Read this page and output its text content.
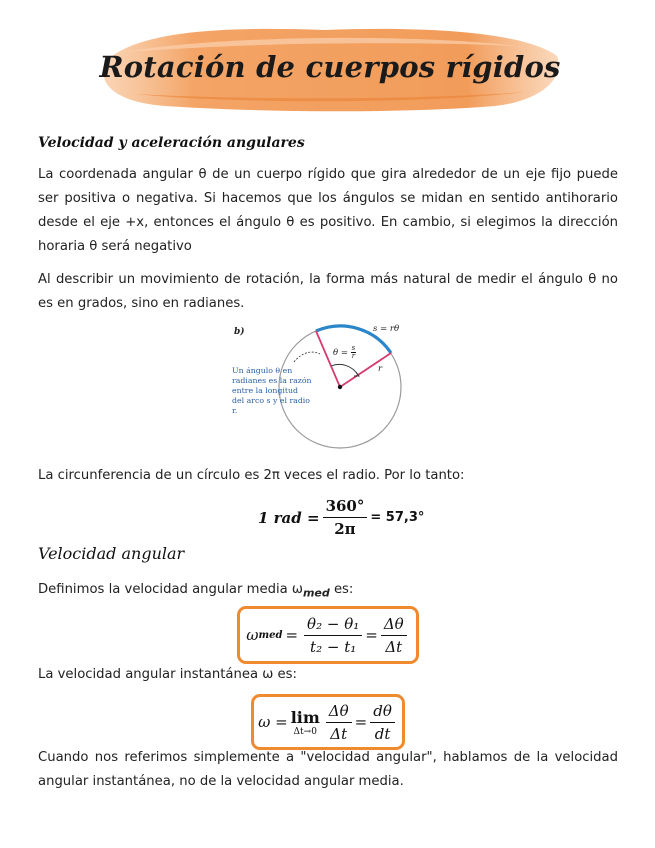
Rotación de cuerpos rígidos
Velocidad y aceleración angulares
La coordenada angular θ de un cuerpo rígido que gira alrededor de un eje fijo puede ser positiva o negativa. Si hacemos que los ángulos se midan en sentido antihorario desde el eje +x, entonces el ángulo θ es positivo. En cambio, si elegimos la dirección horaria θ será negativo
Al describir un movimiento de rotación, la forma más natural de medir el ángulo θ no es en grados, sino en radianes.
b)	s = rθ
r
$\theta = \frac{s}{r}$
Un ángulo θ en radianes es la razón entre la longitud del arco s y el radio r.
La circunferencia de un círculo es 2π veces el radio. Por lo tanto:
1 rad = $\frac{360^\circ}{2\pi} = 57,3^\circ$
Velocidad angular
Definimos la velocidad angular media $\omega_{med}$ es:
ω med = $\frac{\text{θ₂ − θ₁}}{\text{t₂ − t₁}} = \frac{\Delta\theta}{\Delta t}$
La velocidad angular instantánea ω es:
ω = lim
$\Delta t\to 0 \frac{\Delta\theta}{\Delta t} = \frac{d\theta}{dt}$
Cuando nos referimos simplemente a "velocidad angular", hablamos de la velocidad angular instantánea, no de la velocidad angular media.
